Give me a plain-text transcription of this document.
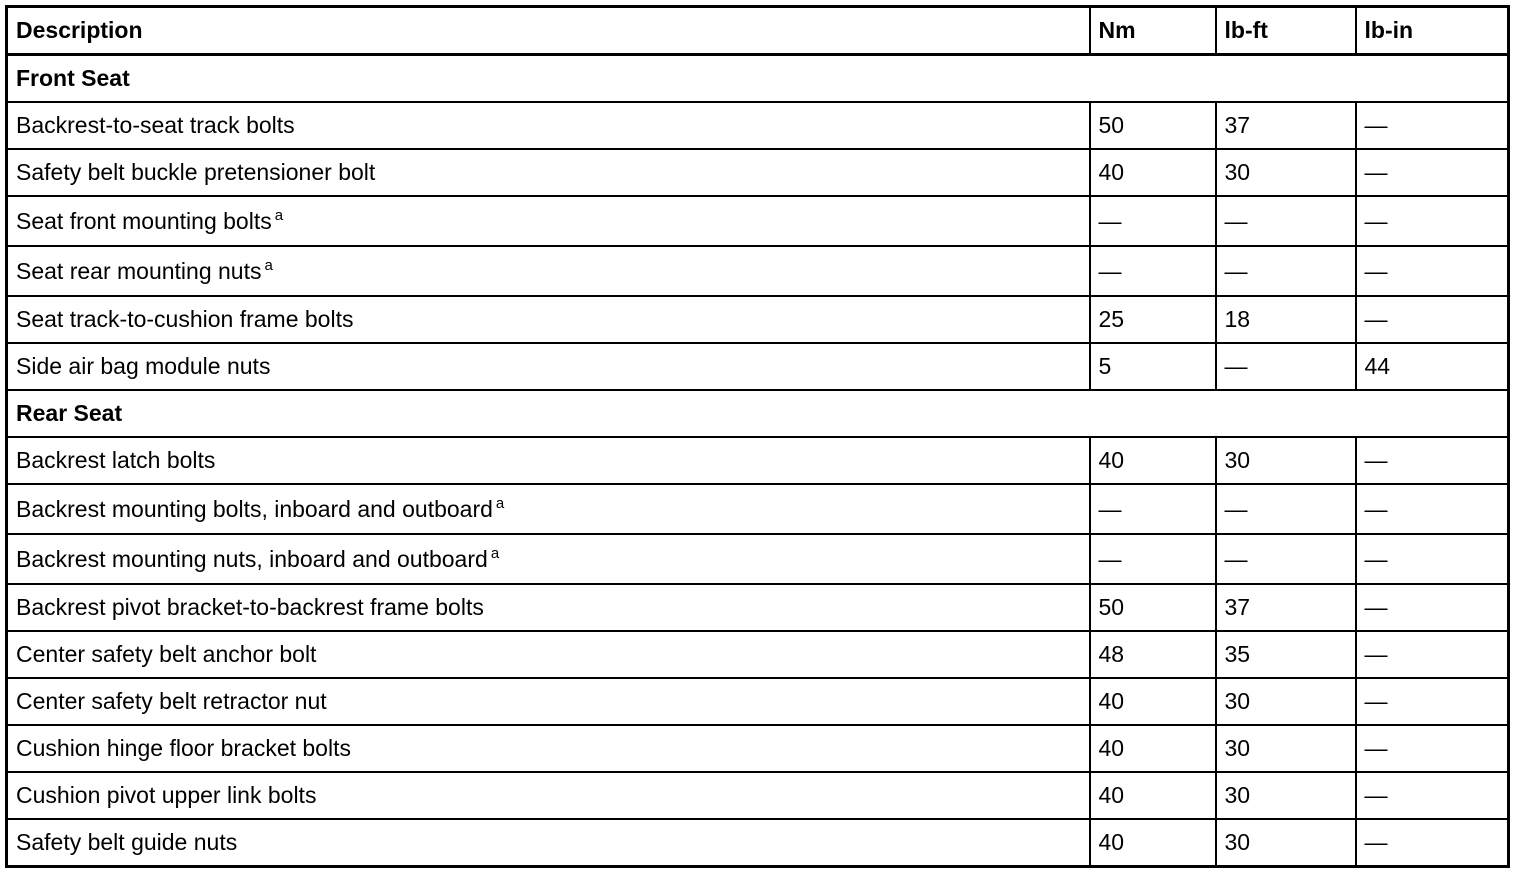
Description	Nm	lb-ft	lb-in
Front Seat			
Backrest-to-seat track bolts	50	37	—
Safety belt buckle pretensioner bolt	40	30	—
Seat front mounting bolts $^a$	—	—	—
Seat rear mounting nuts $^a$	—	—	—
Seat track-to-cushion frame bolts	25	18	—
Side air bag module nuts	5	—	44
Rear Seat			
Backrest latch bolts	40	30	—
Backrest mounting bolts, inboard and outboard $^a$	—	—	—
Backrest mounting nuts, inboard and outboard $^a$	—	—	—
Backrest pivot bracket-to-backrest frame bolts	50	37	—
Center safety belt anchor bolt	48	35	—
Center safety belt retractor nut	40	30	—
Cushion hinge floor bracket bolts	40	30	—
Cushion pivot upper link bolts	40	30	—
Safety belt guide nuts	40	30	—
